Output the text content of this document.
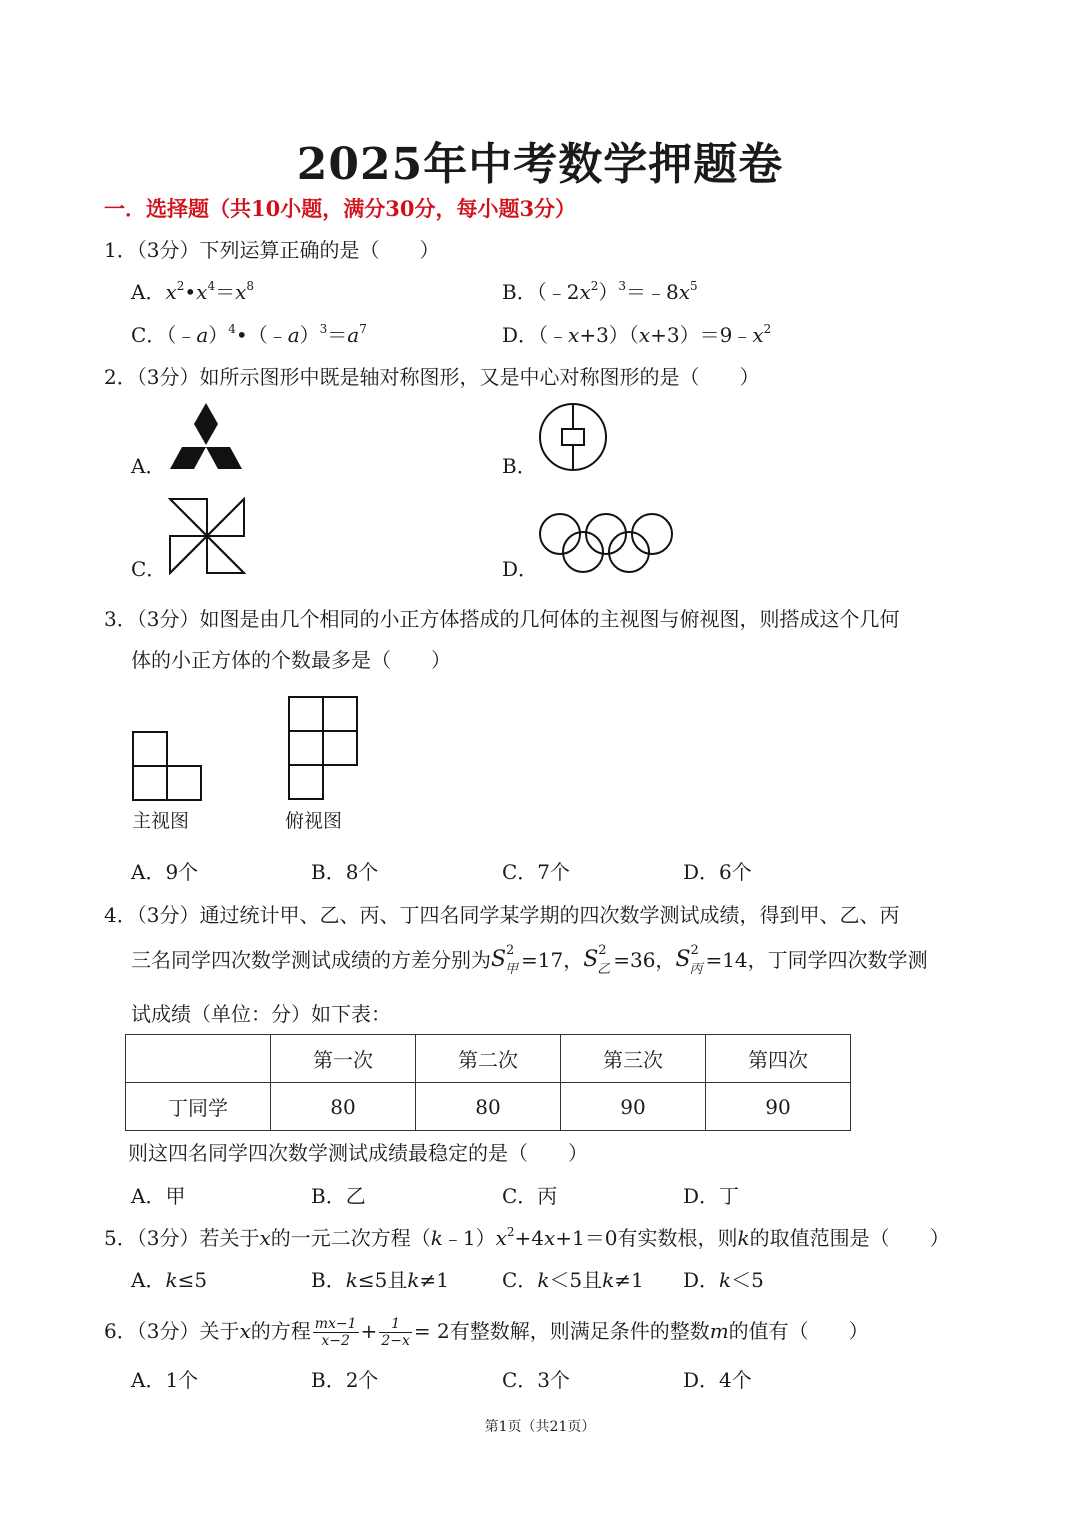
2025年中考数学押题卷
一．选择题（共10小题，满分30分，每小题3分）
1．（3分）下列运算正确的是（　　）
A．$x^2•x^4=x^8$	B．$(﹣2x^2)^3=﹣8x^5$
C．$(﹣a)^4•(﹣a)^3=a^7$	D．$(﹣x+3)(x+3)=9﹣x^2$
2．（3分）如所示图形中既是轴对称图形，又是中心对称图形的是（　　）
A．	B．
C．	D．
3．（3分）如图是由几个相同的小正方体搭成的几何体的主视图与俯视图，则搭成这个几何
体的小正方体的个数最多是（　　）
主视图	俯视图
A．9个	B．8个	C．7个	D．6个
4．（3分）通过统计甲、乙、丙、丁四名同学某学期的四次数学测试成绩，得到甲、乙、丙
三名同学四次数学测试成绩的方差分别为 S 2
甲 =17， S 2
乙 =36， S 2
丙 =14，丁同学四次数学测
试成绩（单位：分）如下表：
	第一次	第二次	第三次	第四次
丁同学	80	80	90	90
则这四名同学四次数学测试成绩最稳定的是（　　）
A．甲	B．乙	C．丙	D．丁
5．（3分）若关于x的一元二次方程$(k﹣1)x^2+4x+1=0$有实数根，则k的取值范围是（　　）
A．k≤5	B．k≤5且k≠1	C．k＜5且k≠1 D．k＜5
6．（3分）关于x的方程 $\frac{mx-1}{x-2} + \frac{1}{2-x} = 2$有整数解，则满足条件的整数m的值有（　　）
A．1个	B．2个	C．3个	D．4个
第1页（共21页）
